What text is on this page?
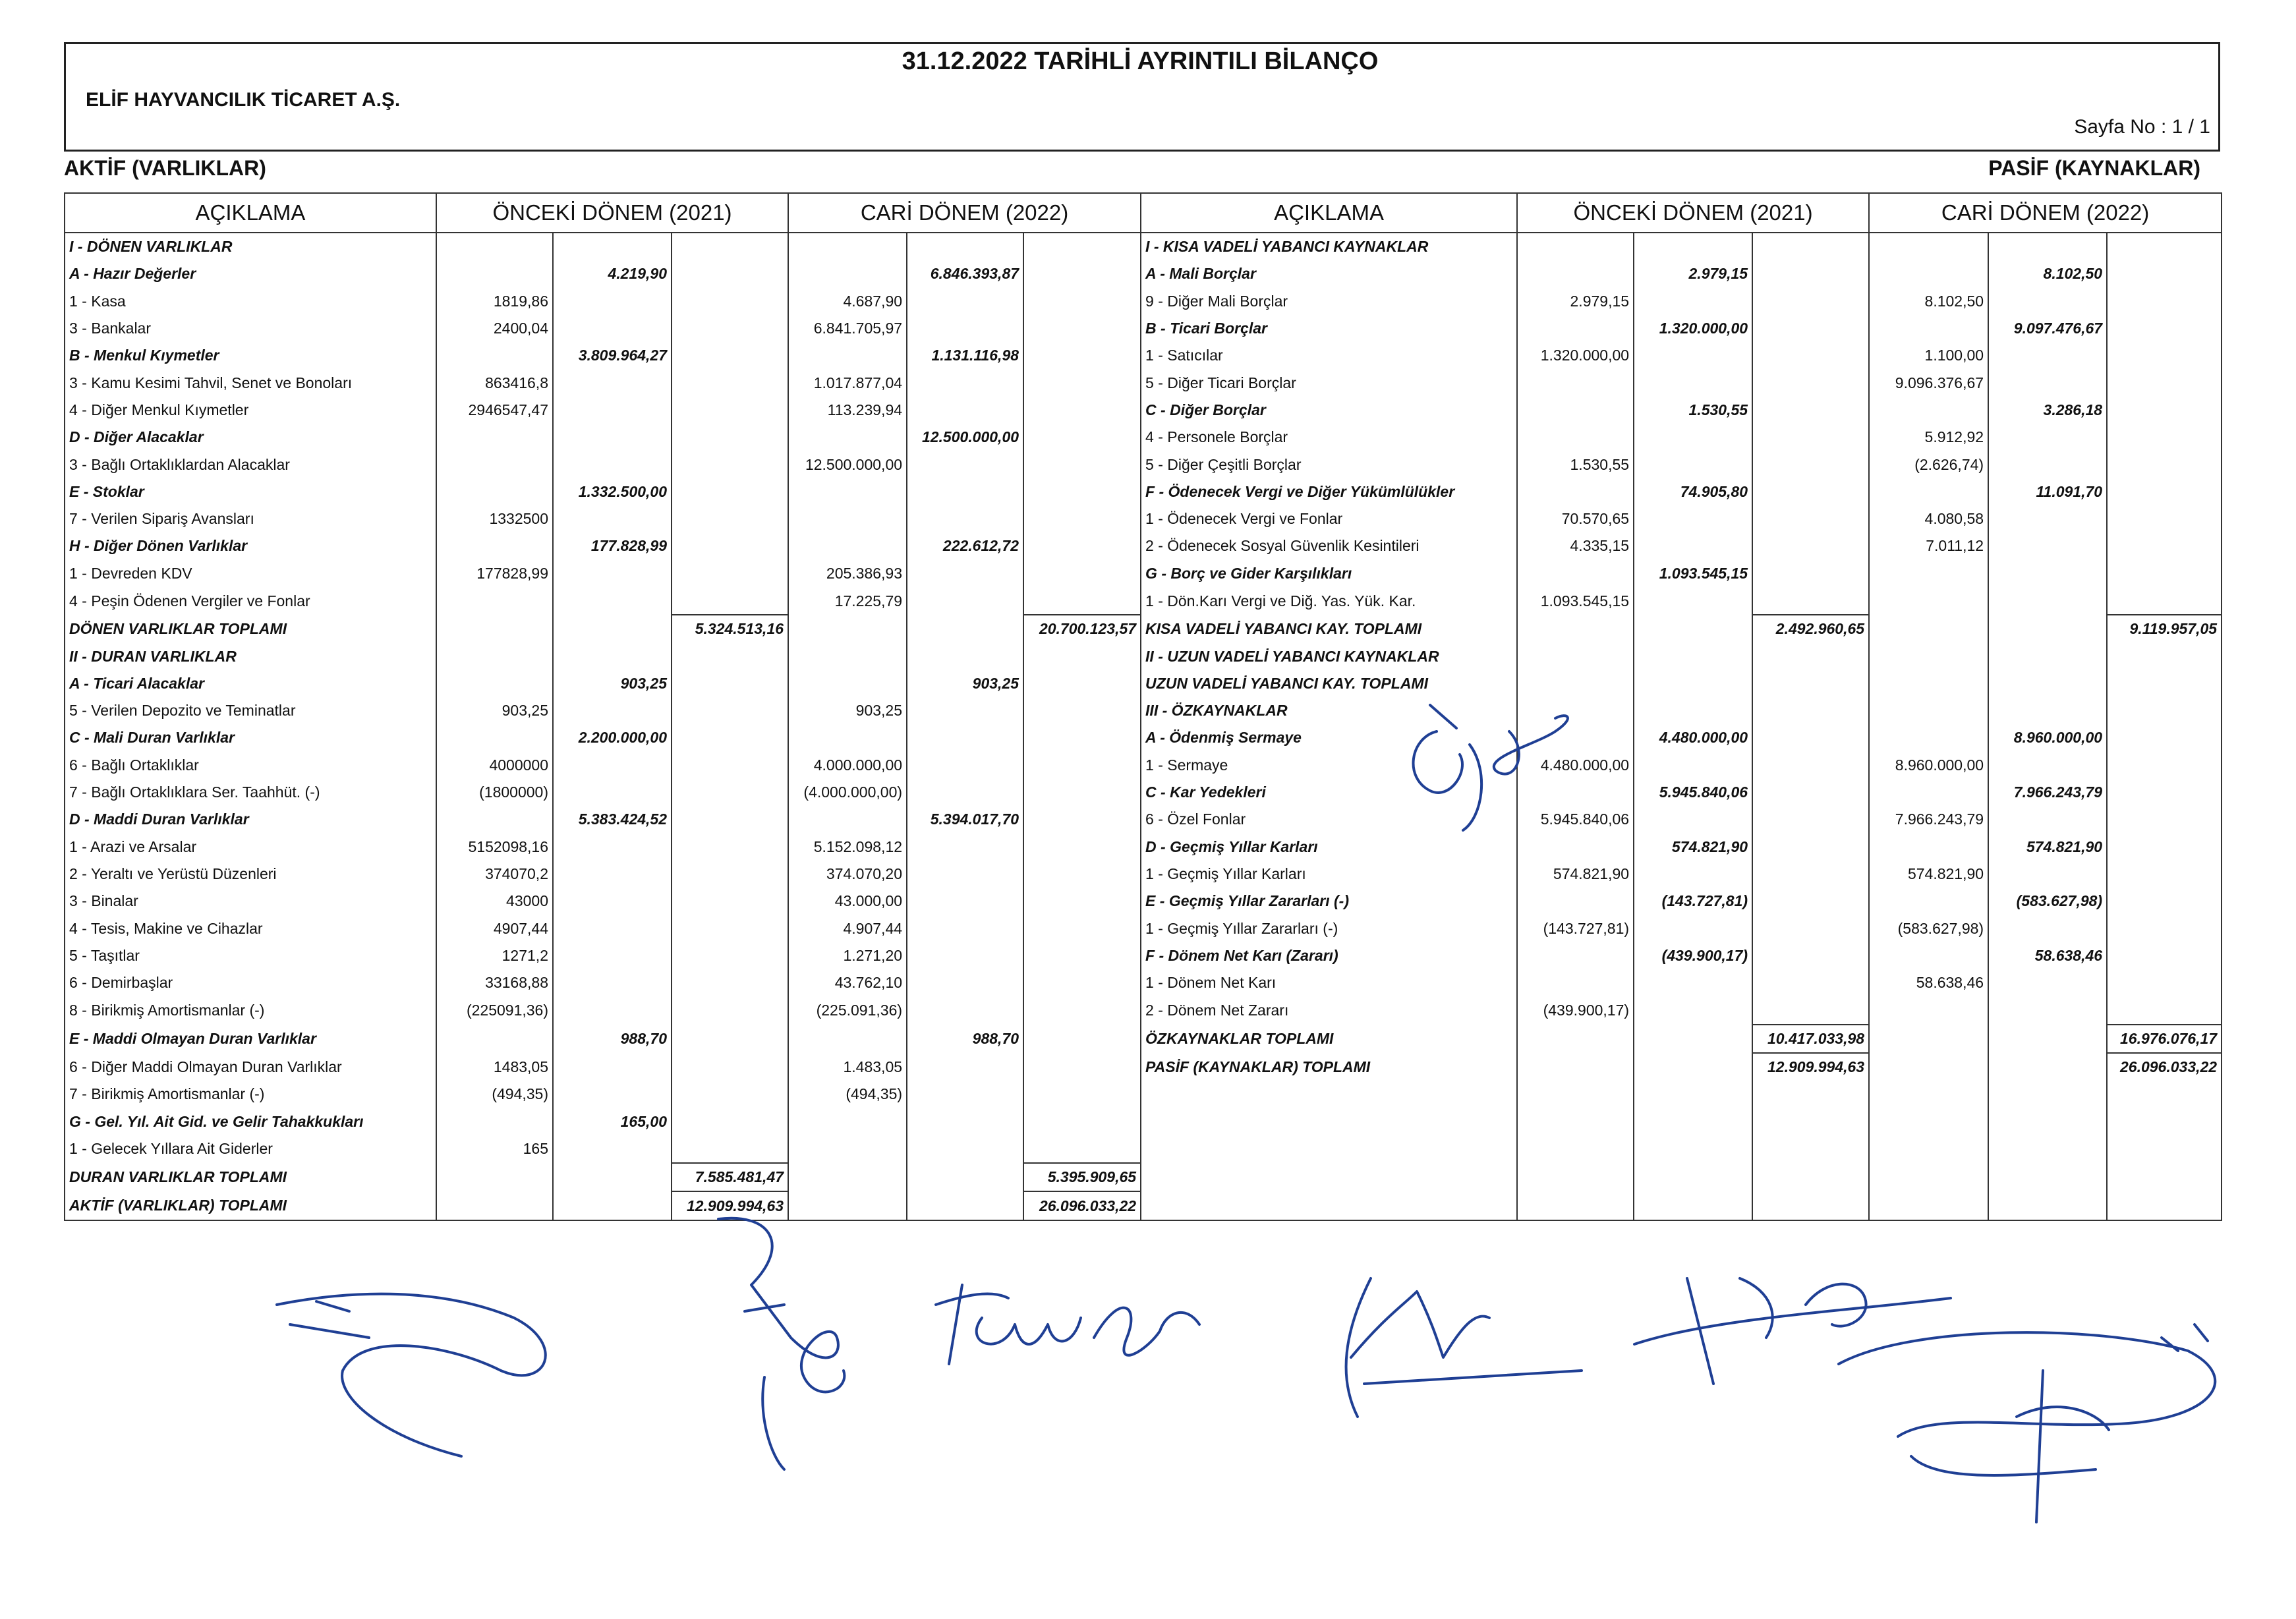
ELİF HAYVANCILIK TİCARET A.Ş.
31.12.2022 TARİHLİ AYRINTILI BİLANÇO
Sayfa No : 1 / 1
AKTİF (VARLIKLAR)	PASİF (KAYNAKLAR)
AÇIKLAMA	ÖNCEKİ DÖNEM (2021)			CARİ DÖNEM (2022)			AÇIKLAMA	ÖNCEKİ DÖNEM (2021)			CARİ DÖNEM (2022)		
I - DÖNEN VARLIKLAR							I - KISA VADELİ YABANCI KAYNAKLAR						
A - Hazır Değerler		4.219,90			6.846.393,87		A - Mali Borçlar		2.979,15			8.102,50	
1 - Kasa	1819,86			4.687,90			9 - Diğer Mali Borçlar	2.979,15			8.102,50		
3 - Bankalar	2400,04			6.841.705,97			B - Ticari Borçlar		1.320.000,00			9.097.476,67	
B - Menkul Kıymetler		3.809.964,27			1.131.116,98		1 - Satıcılar	1.320.000,00			1.100,00		
3 - Kamu Kesimi Tahvil, Senet ve Bonoları	863416,8			1.017.877,04			5 - Diğer Ticari Borçlar				9.096.376,67		
4 - Diğer Menkul Kıymetler	2946547,47			113.239,94			C - Diğer Borçlar		1.530,55			3.286,18	
D - Diğer Alacaklar					12.500.000,00		4 - Personele Borçlar				5.912,92		
3 - Bağlı Ortaklıklardan Alacaklar				12.500.000,00			5 - Diğer Çeşitli Borçlar	1.530,55			(2.626,74)		
E - Stoklar		1.332.500,00					F - Ödenecek Vergi ve Diğer Yükümlülükler		74.905,80			11.091,70	
7 - Verilen Sipariş Avansları	1332500						1 - Ödenecek Vergi ve Fonlar	70.570,65			4.080,58		
H - Diğer Dönen Varlıklar		177.828,99			222.612,72		2 - Ödenecek Sosyal Güvenlik Kesintileri	4.335,15			7.011,12		
1 - Devreden KDV	177828,99			205.386,93			G - Borç ve Gider Karşılıkları		1.093.545,15				
4 - Peşin Ödenen Vergiler ve Fonlar				17.225,79			1 - Dön.Karı Vergi ve Diğ. Yas. Yük. Kar.	1.093.545,15					
DÖNEN VARLIKLAR TOPLAMI			5.324.513,16			20.700.123,57	KISA VADELİ YABANCI KAY. TOPLAMI			2.492.960,65			9.119.957,05
II - DURAN VARLIKLAR							II - UZUN VADELİ YABANCI KAYNAKLAR						
A - Ticari Alacaklar		903,25			903,25		UZUN VADELİ YABANCI KAY. TOPLAMI						
5 - Verilen Depozito ve Teminatlar	903,25			903,25			III - ÖZKAYNAKLAR						
C - Mali Duran Varlıklar		2.200.000,00					A - Ödenmiş Sermaye		4.480.000,00			8.960.000,00	
6 - Bağlı Ortaklıklar	4000000			4.000.000,00			1 - Sermaye	4.480.000,00			8.960.000,00		
7 - Bağlı Ortaklıklara Ser. Taahhüt. (-)	(1800000)			(4.000.000,00)			C - Kar Yedekleri		5.945.840,06			7.966.243,79	
D - Maddi Duran Varlıklar		5.383.424,52			5.394.017,70		6 - Özel Fonlar	5.945.840,06			7.966.243,79		
1 - Arazi ve Arsalar	5152098,16			5.152.098,12			D - Geçmiş Yıllar Karları		574.821,90			574.821,90	
2 - Yeraltı ve Yerüstü Düzenleri	374070,2			374.070,20			1 - Geçmiş Yıllar Karları	574.821,90			574.821,90		
3 - Binalar	43000			43.000,00			E - Geçmiş Yıllar Zararları (-)		(143.727,81)			(583.627,98)	
4 - Tesis, Makine ve Cihazlar	4907,44			4.907,44			1 - Geçmiş Yıllar Zararları (-)	(143.727,81)			(583.627,98)		
5 - Taşıtlar	1271,2			1.271,20			F - Dönem Net Karı (Zararı)		(439.900,17)			58.638,46	
6 - Demirbaşlar	33168,88			43.762,10			1 - Dönem Net Karı				58.638,46		
8 - Birikmiş Amortismanlar (-)	(225091,36)			(225.091,36)			2 - Dönem Net Zararı	(439.900,17)					
E - Maddi Olmayan Duran Varlıklar		988,70			988,70		ÖZKAYNAKLAR TOPLAMI			10.417.033,98			16.976.076,17
6 - Diğer Maddi Olmayan Duran Varlıklar	1483,05			1.483,05			PASİF (KAYNAKLAR) TOPLAMI			12.909.994,63			26.096.033,22
7 - Birikmiş Amortismanlar (-)	(494,35)			(494,35)									
G - Gel. Yıl. Ait Gid. ve Gelir Tahakkukları		165,00											
1 - Gelecek Yıllara Ait Giderler	165												
DURAN VARLIKLAR TOPLAMI			7.585.481,47			5.395.909,65							
AKTİF (VARLIKLAR) TOPLAMI			12.909.994,63			26.096.033,22							
